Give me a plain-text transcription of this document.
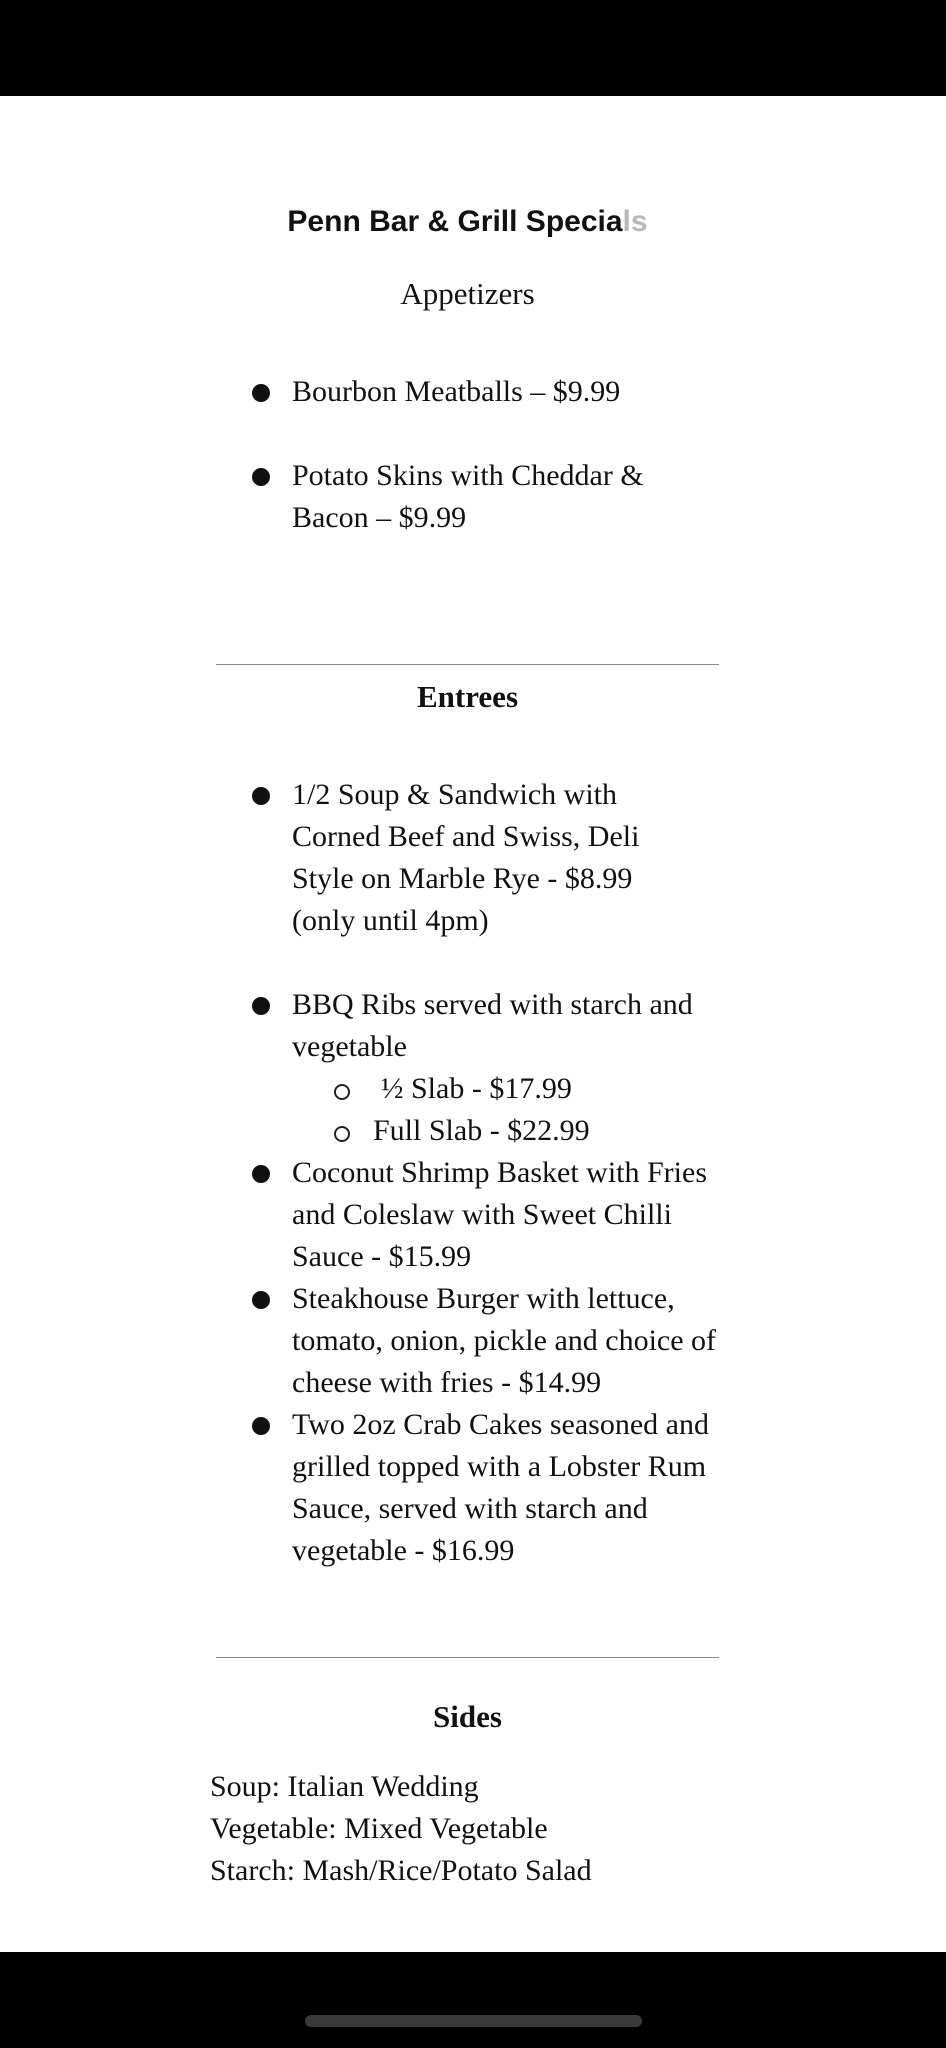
Penn Bar & Grill Specials
Appetizers
Bourbon Meatballs – $9.99
Potato Skins with Cheddar & Bacon – $9.99
Entrees
1/2 Soup & Sandwich with Corned Beef and Swiss, Deli Style on Marble Rye - $8.99 (only until 4pm)
BBQ Ribs served with starch and vegetable
½ Slab - $17.99
Full Slab - $22.99
Coconut Shrimp Basket with Fries and Coleslaw with Sweet Chilli Sauce - $15.99
Steakhouse Burger with lettuce, tomato, onion, pickle and choice of cheese with fries - $14.99
Two 2oz Crab Cakes seasoned and grilled topped with a Lobster Rum Sauce, served with starch and vegetable - $16.99
Sides
Soup: Italian Wedding
Vegetable: Mixed Vegetable
Starch: Mash/Rice/Potato Salad
